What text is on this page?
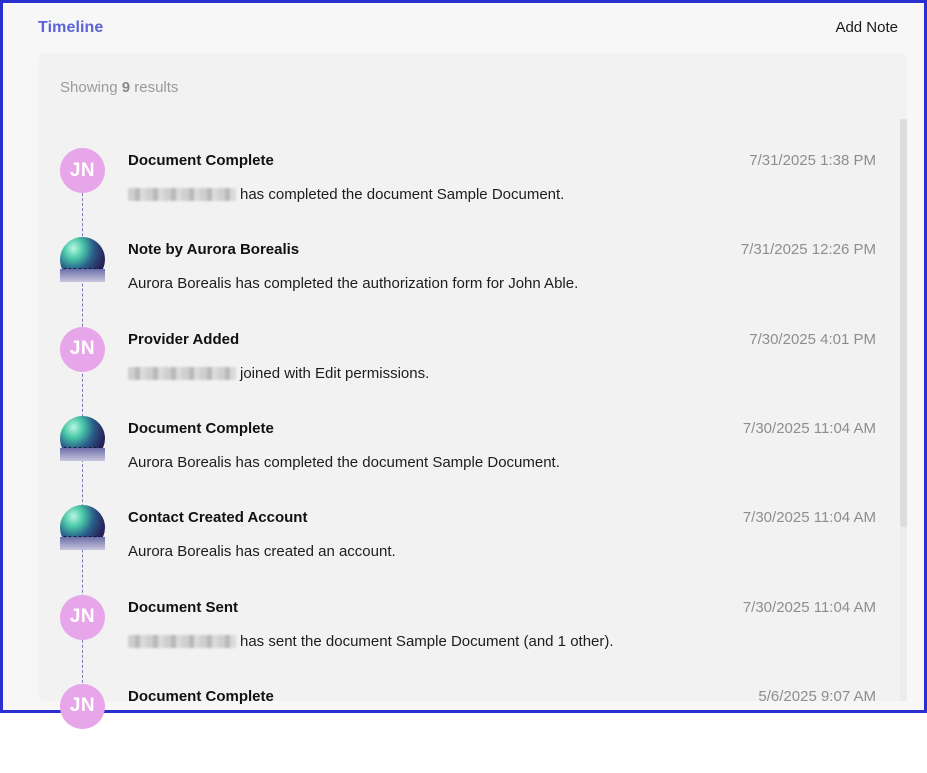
Timeline	Add Note
Showing 9 results
JN	Document Complete	7/31/2025 1:38 PM
has completed the document Sample Document.
Note by Aurora Borealis	7/31/2025 12:26 PM
Aurora Borealis has completed the authorization form for John Able.
JN	Provider Added	7/30/2025 4:01 PM
joined with Edit permissions.
Document Complete	7/30/2025 11:04 AM
Aurora Borealis has completed the document Sample Document.
Contact Created Account	7/30/2025 11:04 AM
Aurora Borealis has created an account.
JN	Document Sent	7/30/2025 11:04 AM
has sent the document Sample Document (and 1 other).
JN	Document Complete	5/6/2025 9:07 AM
